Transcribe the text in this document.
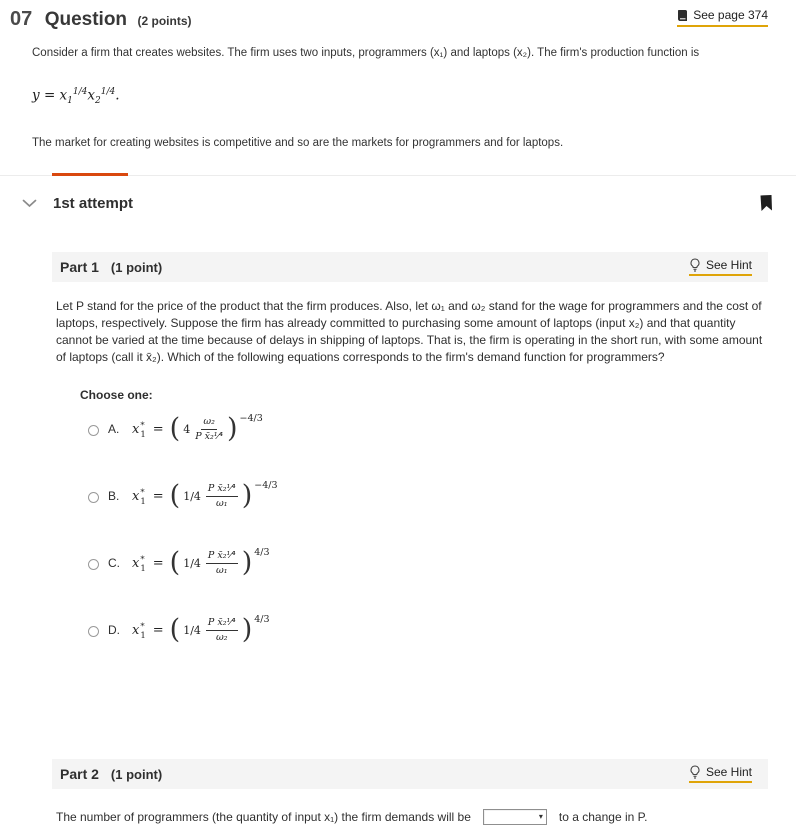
07 Question (2 points)	See page 374

Consider a firm that creates websites. The firm uses two inputs, programmers (x₁) and laptops (x₂). The firm's production function is

$y = x_1^{1/4}x_2^{1/4}$.

The market for creating websites is competitive and so are the markets for programmers and for laptops.

1st attempt
Part 1 (1 point)	See Hint

Let P stand for the price of the product that the firm produces. Also, let ω₁ and ω₂ stand for the wage for programmers and the cost of laptops, respectively. Suppose the firm has already committed to purchasing some amount of laptops (input x₂) and that quantity cannot be varied at the time because of delays in shipping of laptops. That is, the firm is operating in the short run, with some amount of laptops (call it x̄₂). Which of the following equations corresponds to the firm's demand function for programmers?

Choose one:

A. x *
1 = ( $4 \frac{\text{ω₂}}{\text{P x̄₂¹⁄⁴}}$ ) −4/3
B. x *
1 = ( $1/4 \frac{\text{P x̄₂¹⁄⁴}}{\text{ω₁}}$ ) −4/3
C. x *
1 = ( $1/4 \frac{\text{P x̄₂¹⁄⁴}}{\text{ω₁}}$ ) 4/3
D. x *
1 = ( $1/4 \frac{\text{P x̄₂¹⁄⁴}}{\text{ω₂}}$ ) 4/3
Part 2 (1 point)	See Hint
The number of programmers (the quantity of input x₁) the firm demands will be	▾ to a change in P.
